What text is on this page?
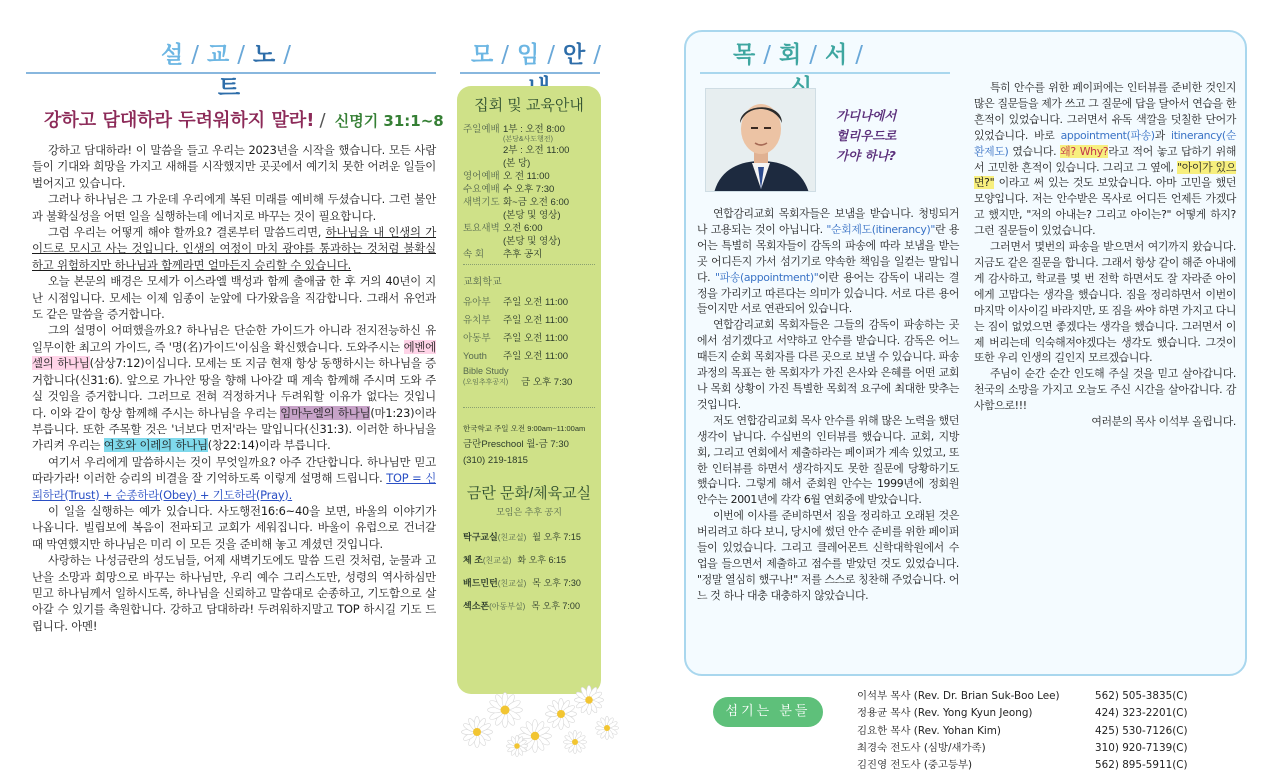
설 / 교 / 노 /트
모 / 임 / 안 /
강하고 담대하라 두려워하지 말라! / 신명기 31:1~8

강하고 담대하라! 이 말씀을 들고 우리는 2023년을 시작을 했습니다. 모든 사람들이 기대와 희망을 가지고 새해를 시작했지만 곳곳에서 예기치 못한 어려운 일들이 벌어지고 있습니다.

그러나 하나님은 그 가운데 우리에게 복된 미래를 예비해 두셨습니다. 그런 불안과 불확실성을 어떤 일을 실행하는데 에너지로 바꾸는 것이 필요합니다.

그럼 우리는 어떻게 해야 할까요? 결론부터 말씀드리면, 하나님을 내 인생의 가이드로 모시고 사는 것입니다. 인생의 여정이 마치 광야를 통과하는 것처럼 불확실하고 위험하지만 하나님과 함께라면 얼마든지 승리할 수 있습니다.

오늘 본문의 배경은 모세가 이스라엘 백성과 함께 출애굽 한 후 거의 40년이 지난 시점입니다. 모세는 이제 임종이 눈앞에 다가왔음을 직감합니다. 그래서 유언과도 같은 말씀을 증거합니다.

그의 설명이 어떠했을까요? 하나님은 단순한 가이드가 아니라 전지전능하신 유일무이한 최고의 가이드, 즉 '명(名)가이드'이심을 확신했습니다. 도와주시는 에벤에셀의 하나님(삼상7:12)이십니다. 모세는 또 지금 현재 항상 동행하시는 하나님을 증거합니다(신31:6). 앞으로 가나안 땅을 향해 나아갈 때 계속 함께해 주시며 도와 주실 것임을 증거합니다. 그러므로 전혀 걱정하거나 두려워할 이유가 없다는 것입니다. 이와 같이 항상 함께해 주시는 하나님을 우리는 임마누엘의 하나님(마1:23)이라 부릅니다. 또한 주목할 것은 '너보다 먼저'라는 말입니다(신31:3). 이러한 하나님을 가리켜 우리는 여호와 이레의 하나님(창22:14)이라 부릅니다.

여기서 우리에게 말씀하시는 것이 무엇일까요? 아주 간단합니다. 하나님만 믿고 따라가라! 이러한 승리의 비결을 잘 기억하도록 이렇게 설명해 드립니다. TOP = 신뢰하라(Trust) + 순종하라(Obey) + 기도하라(Pray).

이 일을 실행하는 예가 있습니다. 사도행전16:6~40을 보면, 바울의 이야기가 나옵니다. 빌립보에 복음이 전파되고 교회가 세워집니다. 바울이 유럽으로 건너갈 때 막연했지만 하나님은 미리 이 모든 것을 준비해 놓고 계셨던 것입니다.

사랑하는 나성금란의 성도님들, 어제 새벽기도에도 말씀 드린 것처럼, 눈물과 고난을 소망과 희망으로 바꾸는 하나님만, 우리 예수 그리스도만, 성령의 역사하심만 믿고 하나님께서 일하시도록, 하나님을 신뢰하고 말씀대로 순종하고, 기도함으로 살아갈 수 있기를 축원합니다. 강하고 담대하라! 두려워하지말고 TOP 하시길 기도 드립니다. 아멘!

집회 및 교육안내
주일예배 1부 : 오전 8:00
(본당&사도행전)
2부 : 오전 11:00
(본 당)
영어예배 오 전 11:00
수요예배 수 오후 7:30
새벽기도 화~금 오전 6:00
(본당 및 영상)
토요새벽 오전 6:00
(본당 및 영상)
속 회	추후 공지
교회학교
유아부	주일 오전 11:00
유치부	주일 오전 11:00
아동부	주일 오전 11:00
Youth	주일 오전 11:00
Bible Study
(오임추후공지)	금 오후 7:30
한국학교 주일 오전 9:00am~11:00am
금란Preschool 월-금 7:30
(310) 219-1815
금란 문화/체육교실
모임은 추후 공지
탁구교실(친교실) 월 오후 7:15
체 조(친교실) 화 오후 6:15
배드민턴(친교실) 목 오후 7:30
섹소폰(아동부실) 목 오후 7:00
목 / 회 / 서 /
가디나에서
헐리우드로
가야 하나?

연합감리교회 목회자들은 보냄을 받습니다. 청빙되거나 고용되는 것이 아닙니다. "순회제도(itinerancy)"란 용어는 특별히 목회자들이 감독의 파송에 따라 보냄을 받는 곳 어디든지 가서 섬기기로 약속한 책임을 일컫는 말입니다. "파송(appointment)"이란 용어는 감독이 내리는 결정을 가리키고 따른다는 의미가 있습니다. 서로 다른 용어들이지만 서로 연관되어 있습니다.

연합감리교회 목회자들은 그들의 감독이 파송하는 곳에서 섬기겠다고 서약하고 안수를 받습니다. 감독은 어느 때든지 순회 목회자를 다른 곳으로 보낼 수 있습니다. 파송 과정의 목표는 한 목회자가 가진 은사와 은혜를 어떤 교회나 목회 상황이 가진 특별한 목회적 요구에 최대한 맞추는 것입니다.

저도 연합감리교회 목사 안수를 위해 많은 노력을 했던 생각이 납니다. 수십번의 인터뷰를 했습니다. 교회, 지방회, 그리고 연회에서 제출하라는 페이퍼가 계속 있었고, 또한 인터뷰를 하면서 생각하지도 못한 질문에 당황하기도 했습니다. 그렇게 해서 준회원 안수는 1999년에 정회원 안수는 2001년에 각각 6월 연회중에 받았습니다.

이번에 이사를 준비하면서 짐을 정리하고 오래된 것은 버리려고 하다 보니, 당시에 썼던 안수 준비를 위한 페이퍼들이 있었습니다. 그리고 클레어몬트 신학대학원에서 수업을 들으면서 제출하고 점수를 받았던 것도 있었습니다. "정말 열심히 했구나!" 저를 스스로 칭찬해 주었습니다. 어느 것 하나 대충 대충하지 않았습니다.

특히 안수를 위한 페이퍼에는 인터뷰를 준비한 것인지 많은 질문들을 제가 쓰고 그 질문에 답을 달아서 연습을 한 흔적이 있었습니다. 그러면서 유독 색깔을 덧칠한 단어가 있었습니다. 바로 appointment(파송)과 itinerancy(순환제도) 였습니다. 왜? Why?라고 적어 놓고 답하기 위해서 고민한 흔적이 있습니다. 그리고 그 옆에, "아이가 있으면?" 이라고 써 있는 것도 보았습니다. 아마 고민을 했던 모양입니다. 저는 안수받은 목사로 어디든 언제든 가겠다고 했지만, "저의 아내는? 그리고 아이는?" 어떻게 하지? 그런 질문들이 있었습니다.

그러면서 몇번의 파송을 받으면서 여기까지 왔습니다. 지금도 같은 질문을 합니다. 그래서 항상 같이 해준 아내에게 감사하고, 학교를 몇 번 전학 하면서도 잘 자라준 아이에게 고맙다는 생각을 했습니다. 짐을 정리하면서 이번이 마지막 이사이길 바라지만, 또 짐을 싸야 하면 가지고 다니는 짐이 없었으면 좋겠다는 생각을 했습니다. 그러면서 이제 버리는데 익숙해져야겠다는 생각도 했습니다. 그것이 또한 우리 인생의 길인지 모르겠습니다.

주님이 순간 순간 인도해 주실 것을 믿고 살아갑니다. 천국의 소망을 가지고 오늘도 주신 시간을 살아갑니다. 감사함으로!!!

여러분의 목사 이석부 올립니다.

섬기는 분들
이석부 목사 (Rev. Dr. Brian Suk-Boo Lee)	562) 505-3835(C)
정용균 목사 (Rev. Yong Kyun Jeong)	424) 323-2201(C)
김요한 목사 (Rev. Yohan Kim)	425) 530-7126(C)
최경숙 전도사 (심방/새가족)	310) 920-7139(C)
김진영 전도사 (중고등부)	562) 895-5911(C)
